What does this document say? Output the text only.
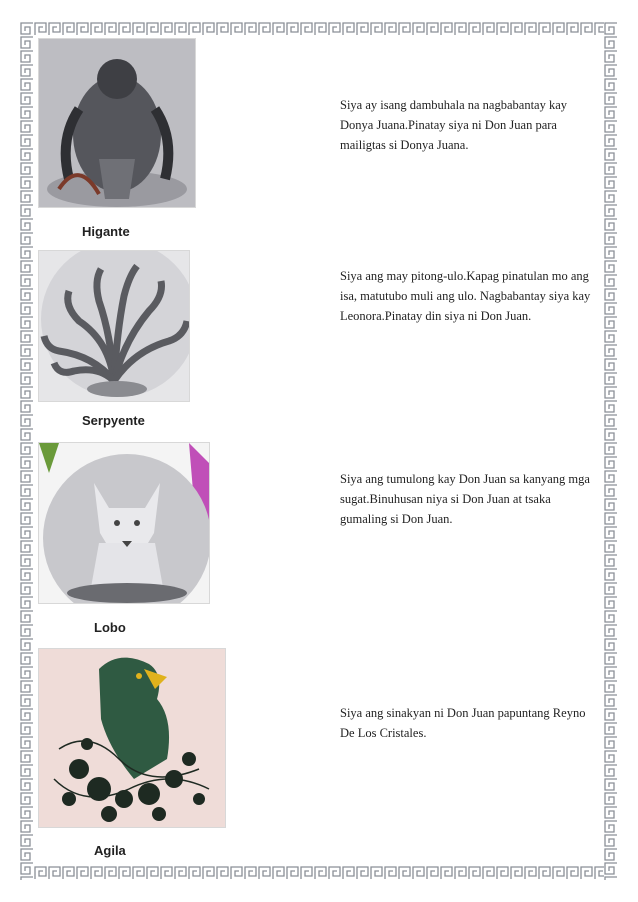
Higante
Siya ay isang dambuhala na nagbabantay kay Donya Juana.Pinatay siya ni Don Juan para mailigtas si Donya Juana.
Serpyente
Siya ang may pitong-ulo.Kapag pinatulan mo ang isa, matutubo muli ang ulo. Nagbabantay siya kay Leonora.Pinatay din siya ni Don Juan.
Lobo
Siya ang tumulong kay Don Juan sa kanyang mga sugat.Binuhusan niya si Don Juan at tsaka gumaling si Don Juan.
Agila
Siya ang sinakyan ni Don Juan papuntang Reyno De Los Cristales.
